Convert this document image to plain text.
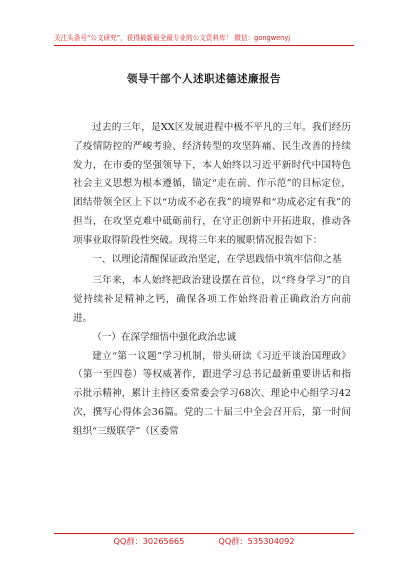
关注头条号“公文研究”，获得最新最全最专业的公文资料库！ 微信：gongwenyj
领导干部个人述职述德述廉报告

过去的三年，是XX区发展进程中极不平凡的三年。我们经历了疫情防控的严峻考验、经济转型的攻坚阵痛、民生改善的持续发力，在市委的坚强领导下，本人始终以习近平新时代中国特色社会主义思想为根本遵循，锚定“走在前、作示范”的目标定位，团结带领全区上下以“功成不必在我”的境界和“功成必定有我”的担当，在攻坚克难中砥砺前行，在守正创新中开拓进取，推动各项事业取得阶段性突破。现将三年来的履职情况报告如下：

一、以理论清醒保证政治坚定，在学思践悟中筑牢信仰之基

三年来，本人始终把政治建设摆在首位，以“终身学习”的自觉持续补足精神之钙，确保各项工作始终沿着正确政治方向前进。

（一）在深学细悟中强化政治忠诚

建立“第一议题”学习机制，带头研读《习近平谈治国理政》（第一至四卷）等权威著作，跟进学习总书记最新重要讲话和指示批示精神，累计主持区委常委会学习68次、理论中心组学习42次，撰写心得体会36篇。党的二十届三中全会召开后，第一时间组织“三级联学”（区委常

QQ群：30265665	QQ群：535304092
